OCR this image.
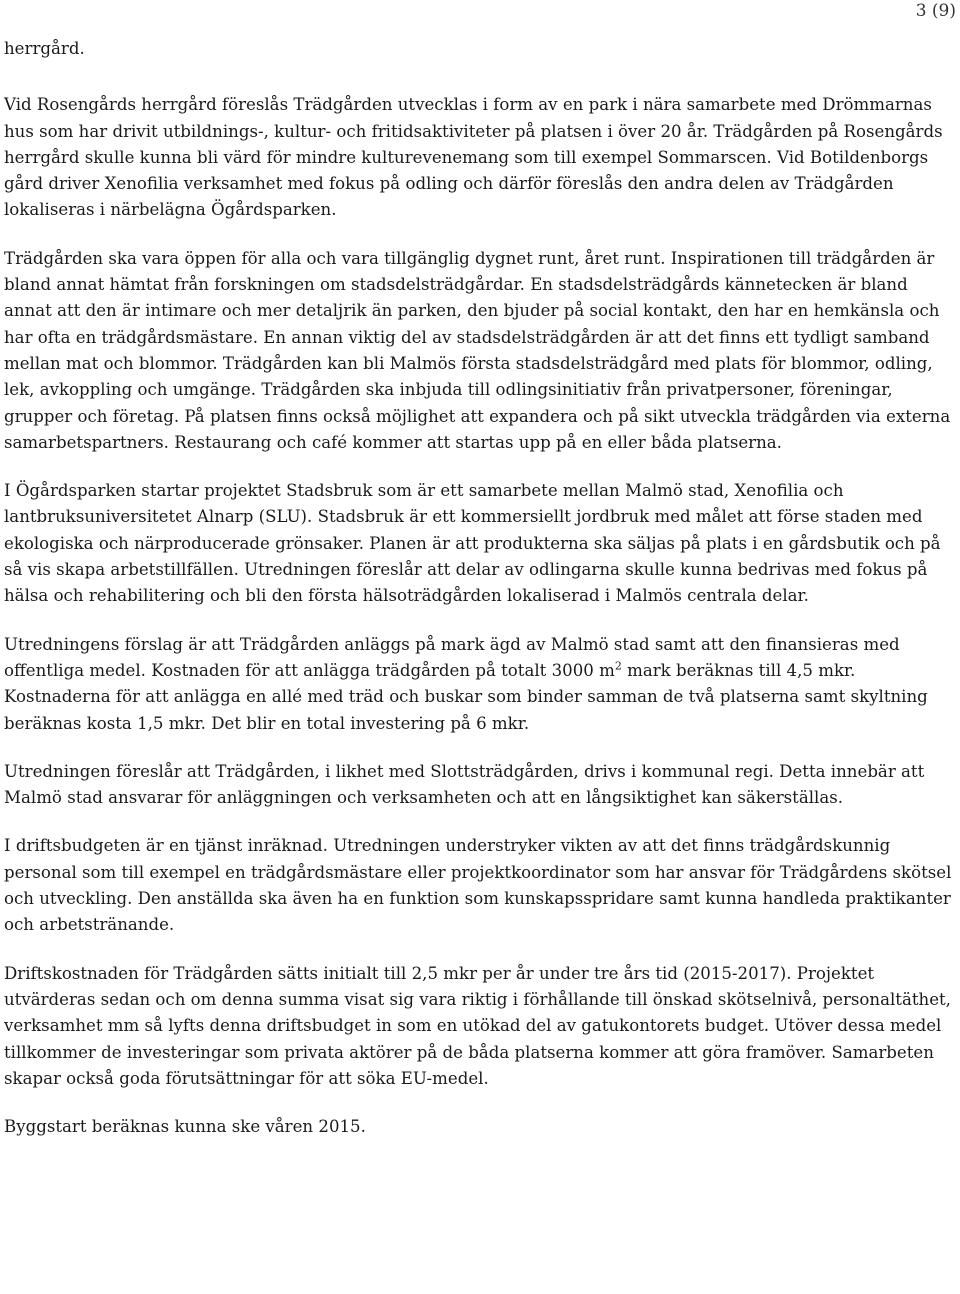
3 (9)

herrgård.

Vid Rosengårds herrgård föreslås Trädgården utvecklas i form av en park i nära samarbete med Drömmarnas hus som har drivit utbildnings-, kultur- och fritidsaktiviteter på platsen i över 20 år. Trädgården på Rosengårds herrgård skulle kunna bli värd för mindre kulturevenemang som till exempel Sommarscen. Vid Botildenborgs gård driver Xenofilia verksamhet med fokus på odling och därför föreslås den andra delen av Trädgården lokaliseras i närbelägna Ögårdsparken.

Trädgården ska vara öppen för alla och vara tillgänglig dygnet runt, året runt. Inspirationen till trädgården är bland annat hämtat från forskningen om stadsdelsträdgårdar. En stadsdelsträdgårds kännetecken är bland annat att den är intimare och mer detaljrik än parken, den bjuder på social kontakt, den har en hemkänsla och har ofta en trädgårdsmästare. En annan viktig del av stadsdelsträdgården är att det finns ett tydligt samband mellan mat och blommor. Trädgården kan bli Malmös första stadsdelsträdgård med plats för blommor, odling, lek, avkoppling och umgänge. Trädgården ska inbjuda till odlingsinitiativ från privatpersoner, föreningar, grupper och företag. På platsen finns också möjlighet att expandera och på sikt utveckla trädgården via externa samarbetspartners. Restaurang och café kommer att startas upp på en eller båda platserna.

I Ögårdsparken startar projektet Stadsbruk som är ett samarbete mellan Malmö stad, Xenofilia och lantbruksuniversitetet Alnarp (SLU). Stadsbruk är ett kommersiellt jordbruk med målet att förse staden med ekologiska och närproducerade grönsaker. Planen är att produkterna ska säljas på plats i en gårdsbutik och på så vis skapa arbetstillfällen. Utredningen föreslår att delar av odlingarna skulle kunna bedrivas med fokus på hälsa och rehabilitering och bli den första hälsoträdgården lokaliserad i Malmös centrala delar.

Utredningens förslag är att Trädgården anläggs på mark ägd av Malmö stad samt att den finansieras med offentliga medel. Kostnaden för att anlägga trädgården på totalt 3000 $m^2$ mark beräknas till 4,5 mkr. Kostnaderna för att anlägga en allé med träd och buskar som binder samman de två platserna samt skyltning beräknas kosta 1,5 mkr. Det blir en total investering på 6 mkr.

Utredningen föreslår att Trädgården, i likhet med Slottsträdgården, drivs i kommunal regi. Detta innebär att Malmö stad ansvarar för anläggningen och verksamheten och att en långsiktighet kan säkerställas.

I driftsbudgeten är en tjänst inräknad. Utredningen understryker vikten av att det finns trädgårdskunnig personal som till exempel en trädgårdsmästare eller projektkoordinator som har ansvar för Trädgårdens skötsel och utveckling. Den anställda ska även ha en funktion som kunskapsspridare samt kunna handleda praktikanter och arbetstränande.

Driftskostnaden för Trädgården sätts initialt till 2,5 mkr per år under tre års tid (2015-2017). Projektet utvärderas sedan och om denna summa visat sig vara riktig i förhållande till önskad skötselnivå, personaltäthet, verksamhet mm så lyfts denna driftsbudget in som en utökad del av gatukontorets budget. Utöver dessa medel tillkommer de investeringar som privata aktörer på de båda platserna kommer att göra framöver. Samarbeten skapar också goda förutsättningar för att söka EU-medel.

Byggstart beräknas kunna ske våren 2015.
